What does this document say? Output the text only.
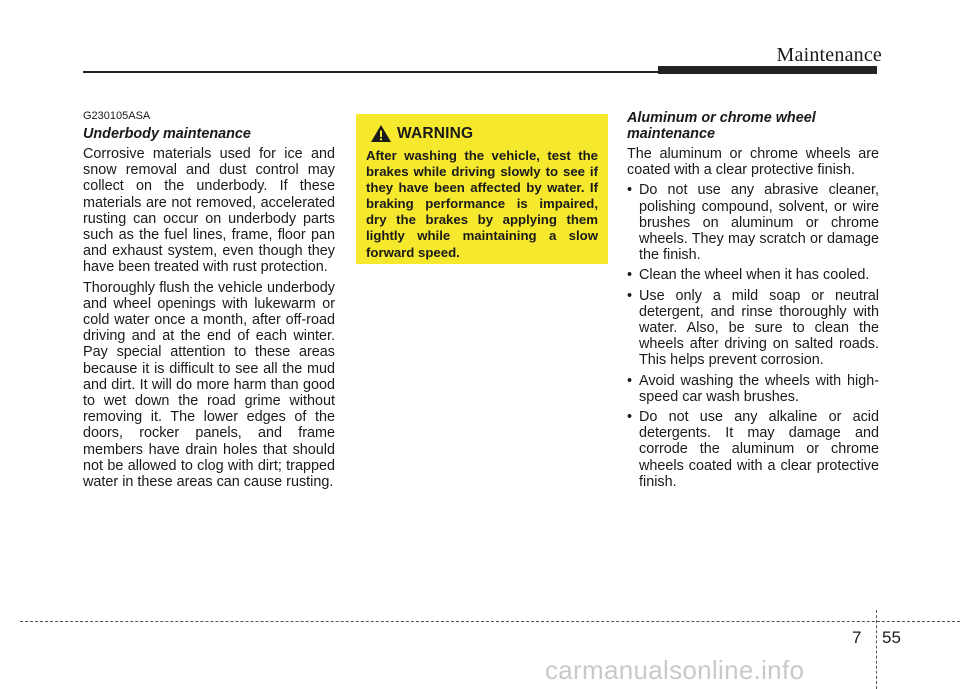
Maintenance
G230105ASA
Underbody maintenance

Corrosive materials used for ice and snow removal and dust control may collect on the underbody. If these materials are not removed, accelerated rusting can occur on underbody parts such as the fuel lines, frame, floor pan and exhaust system, even though they have been treated with rust protection.

Thoroughly flush the vehicle underbody and wheel openings with lukewarm or cold water once a month, after off-road driving and at the end of each winter. Pay special attention to these areas because it is difficult to see all the mud and dirt. It will do more harm than good to wet down the road grime without removing it. The lower edges of the doors, rocker panels, and frame members have drain holes that should not be allowed to clog with dirt; trapped water in these areas can cause rusting.

WARNING

After washing the vehicle, test the brakes while driving slowly to see if they have been affected by water. If braking performance is impaired, dry the brakes by applying them lightly while maintaining a slow forward speed.

Aluminum or chrome wheel maintenance

The aluminum or chrome wheels are coated with a clear protective finish.

• Do not use any abrasive cleaner, polishing compound, solvent, or wire brushes on aluminum or chrome wheels. They may scratch or damage the finish.
• Clean the wheel when it has cooled.
• Use only a mild soap or neutral detergent, and rinse thoroughly with water. Also, be sure to clean the wheels after driving on salted roads. This helps prevent corrosion.
• Avoid washing the wheels with high-speed car wash brushes.
• Do not use any alkaline or acid detergents. It may damage and corrode the aluminum or chrome wheels coated with a clear protective finish.
7 55
carmanualsonline.info
